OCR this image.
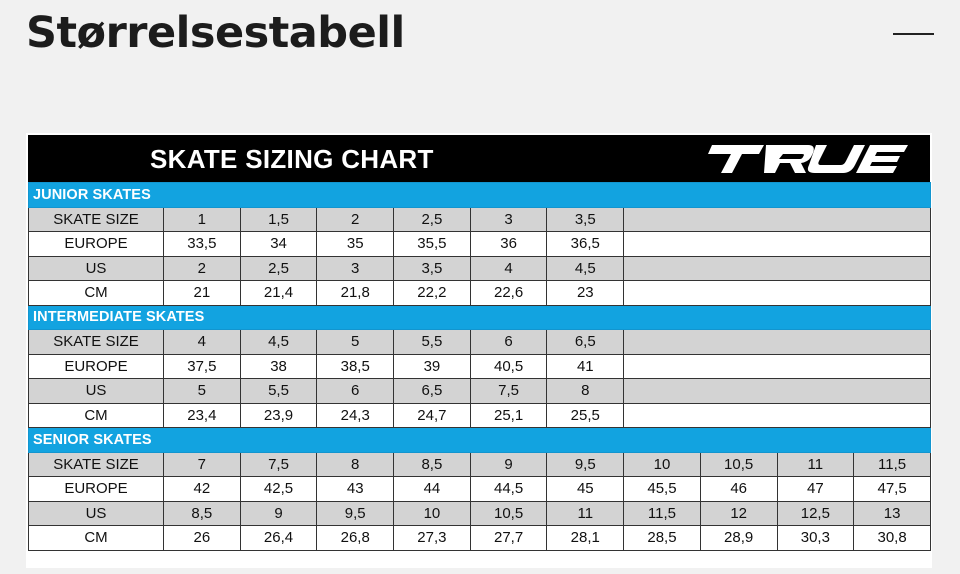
Størrelsestabell
SKATE SIZING CHART
JUNIOR SKATES										
SKATE SIZE	1	1,5	2	2,5	3	3,5				
EUROPE	33,5	34	35	35,5	36	36,5				
US	2	2,5	3	3,5	4	4,5				
CM	21	21,4	21,8	22,2	22,6	23				
INTERMEDIATE SKATES										
SKATE SIZE	4	4,5	5	5,5	6	6,5				
EUROPE	37,5	38	38,5	39	40,5	41				
US	5	5,5	6	6,5	7,5	8				
CM	23,4	23,9	24,3	24,7	25,1	25,5				
SENIOR SKATES										
SKATE SIZE	7	7,5	8	8,5	9	9,5	10	10,5	11	11,5
EUROPE	42	42,5	43	44	44,5	45	45,5	46	47	47,5
US	8,5	9	9,5	10	10,5	11	11,5	12	12,5	13
CM	26	26,4	26,8	27,3	27,7	28,1	28,5	28,9	30,3	30,8
